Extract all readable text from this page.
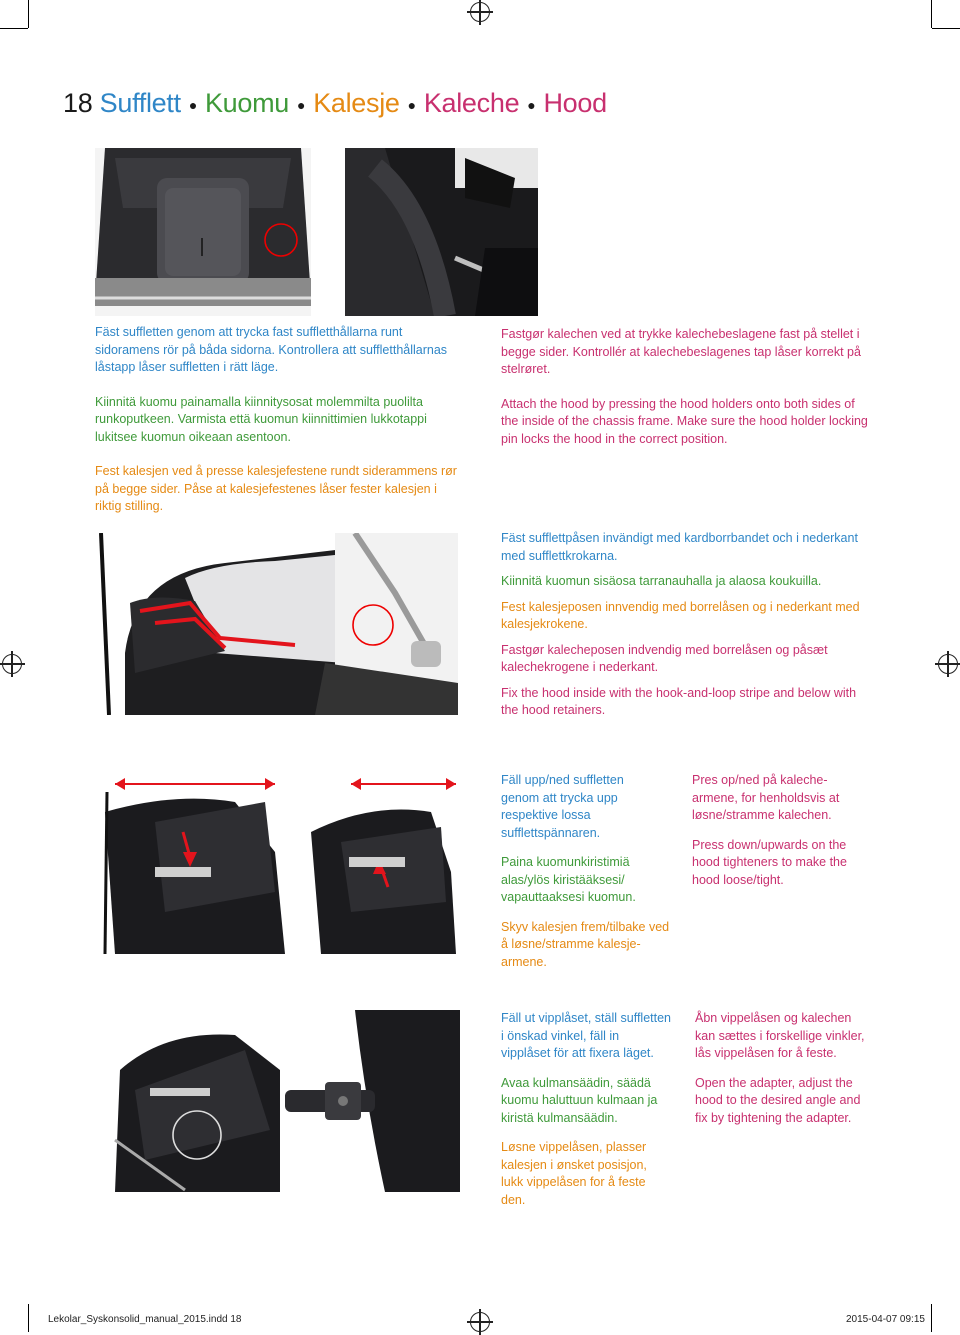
18 Sufflett ● Kuomu ● Kalesje ● Kaleche ● Hood

Fäst suffletten genom att trycka fast suffletthållarna runt sidoramens rör på båda sidorna. Kontrollera att suffletthållarnas låstapp låser suffletten i rätt läge.

Kiinnitä kuomu painamalla kiinnitysosat molemmilta puolilta runkoputkeen. Varmista että kuomun kiinnittimien lukkotappi lukitsee kuomun oikeaan asentoon.

Fest kalesjen ved å presse kalesjefestene rundt siderammens rør på begge sider. Påse at kalesjefestenes låser fester kalesjen i riktig stilling.

Fastgør kalechen ved at trykke kalechebeslagene fast på stellet i begge sider. Kontrollér at kalechebeslagenes tap låser korrekt på stelrøret.

Attach the hood by pressing the hood holders onto both sides of the inside of the chassis frame. Make sure the hood holder locking pin locks the hood in the correct position.

Fäst sufflettpåsen invändigt med kardborrbandet och i nederkant med sufflettkrokarna.

Kiinnitä kuomun sisäosa tarranauhalla ja alaosa koukuilla.

Fest kalesjeposen innvendig med borrelåsen og i nederkant med kalesjekrokene.

Fastgør kalecheposen indvendig med borrelåsen og påsæt kalechekrogene i nederkant.

Fix the hood inside with the hook-and-loop stripe and below with the hood retainers.

Fäll upp/ned suffletten genom att trycka upp respektive lossa sufflettspännaren.

Paina kuomunkiristimiä alas/ylös kiristääksesi/ vapauttaaksesi kuomun.

Skyv kalesjen frem/tilbake ved å løsne/stramme kalesje-armene.

Pres op/ned på kaleche-armene, for henholdsvis at løsne/stramme kalechen.

Press down/upwards on the hood tighteners to make the hood loose/tight.

Fäll ut vipplåset, ställ suffletten i önskad vinkel, fäll in vipplåset för att fixera läget.

Avaa kulmansäädin, säädä kuomu haluttuun kulmaan ja kiristä kulmansäädin.

Løsne vippelåsen, plasser kalesjen i ønsket posisjon, lukk vippelåsen for å feste den.

Åbn vippelåsen og kalechen kan sættes i forskellige vinkler, lås vippelåsen for å feste.

Open the adapter, adjust the hood to the desired angle and fix by tightening the adapter.

Lekolar_Syskonsolid_manual_2015.indd 18	2015-04-07 09:15
